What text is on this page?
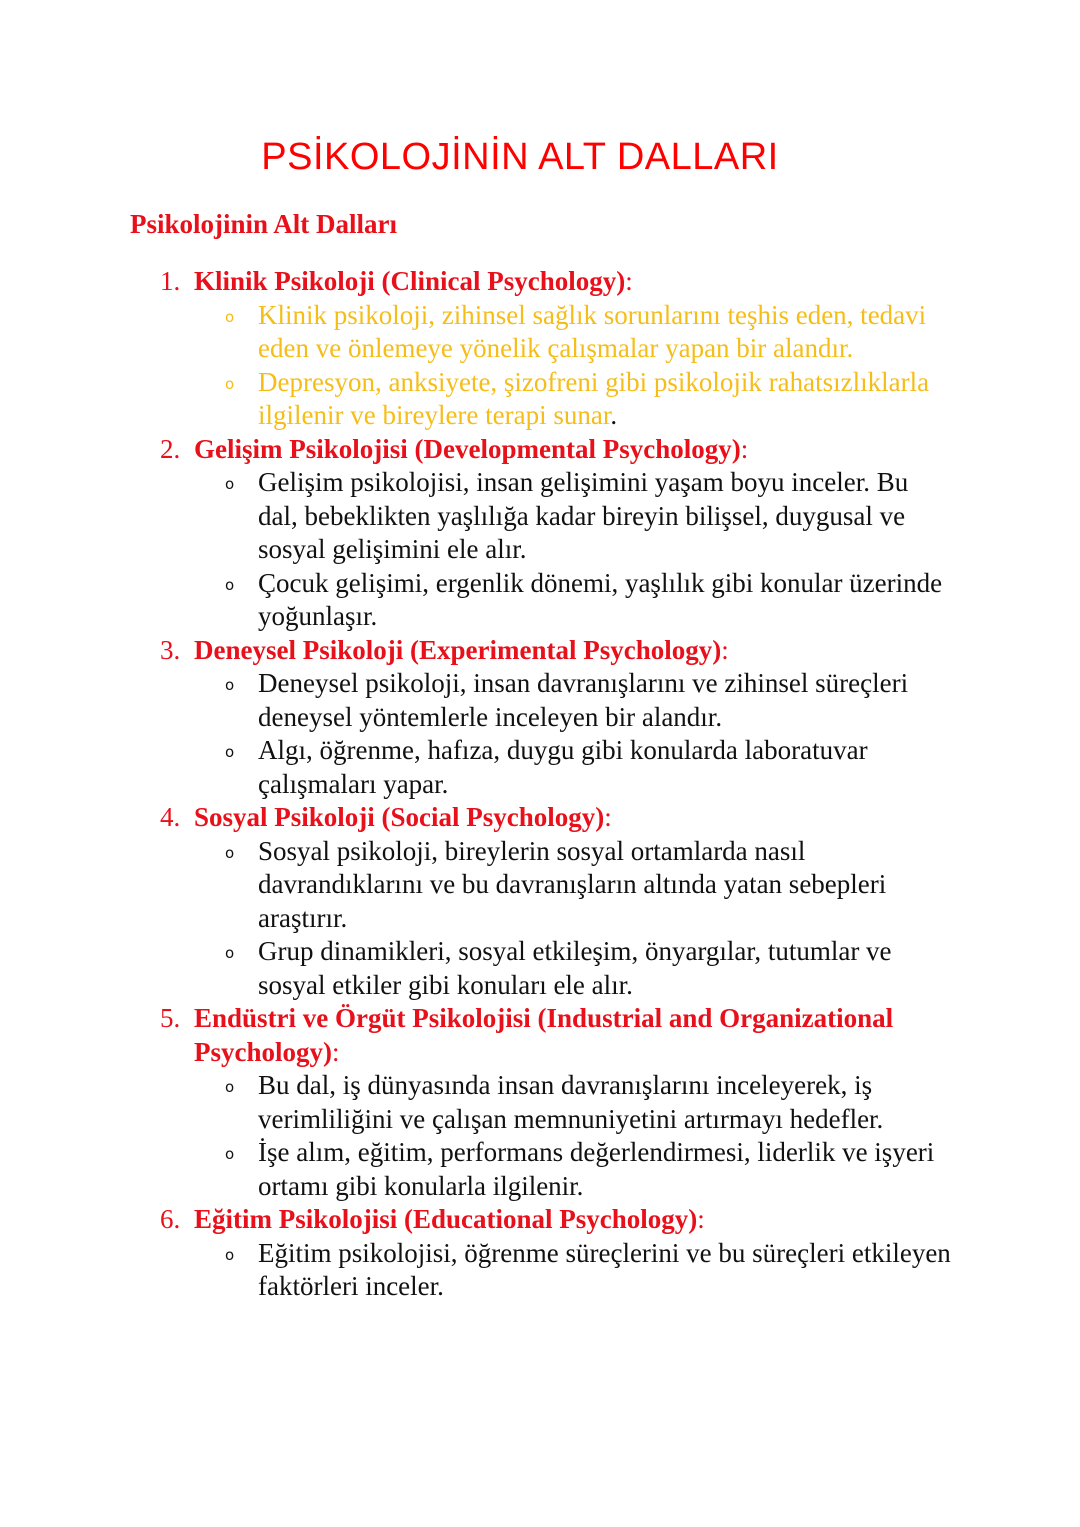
PSİKOLOJİNİN ALT DALLARI
Psikolojinin Alt Dalları
1. Klinik Psikoloji (Clinical Psychology):
o Klinik psikoloji, zihinsel sağlık sorunlarını teşhis eden, tedavi eden ve önlemeye yönelik çalışmalar yapan bir alandır.
o Depresyon, anksiyete, şizofreni gibi psikolojik rahatsızlıklarla ilgilenir ve bireylere terapi sunar.
2. Gelişim Psikolojisi (Developmental Psychology):
o Gelişim psikolojisi, insan gelişimini yaşam boyu inceler. Bu dal, bebeklikten yaşlılığa kadar bireyin bilişsel, duygusal ve sosyal gelişimini ele alır.
o Çocuk gelişimi, ergenlik dönemi, yaşlılık gibi konular üzerinde yoğunlaşır.
3. Deneysel Psikoloji (Experimental Psychology):
o Deneysel psikoloji, insan davranışlarını ve zihinsel süreçleri deneysel yöntemlerle inceleyen bir alandır.
o Algı, öğrenme, hafıza, duygu gibi konularda laboratuvar çalışmaları yapar.
4. Sosyal Psikoloji (Social Psychology):
o Sosyal psikoloji, bireylerin sosyal ortamlarda nasıl davrandıklarını ve bu davranışların altında yatan sebepleri araştırır.
o Grup dinamikleri, sosyal etkileşim, önyargılar, tutumlar ve sosyal etkiler gibi konuları ele alır.
5. Endüstri ve Örgüt Psikolojisi (Industrial and Organizational Psychology):
o Bu dal, iş dünyasında insan davranışlarını inceleyerek, iş verimliliğini ve çalışan memnuniyetini artırmayı hedefler.
o İşe alım, eğitim, performans değerlendirmesi, liderlik ve işyeri ortamı gibi konularla ilgilenir.
6. Eğitim Psikolojisi (Educational Psychology):
o Eğitim psikolojisi, öğrenme süreçlerini ve bu süreçleri etkileyen faktörleri inceler.
